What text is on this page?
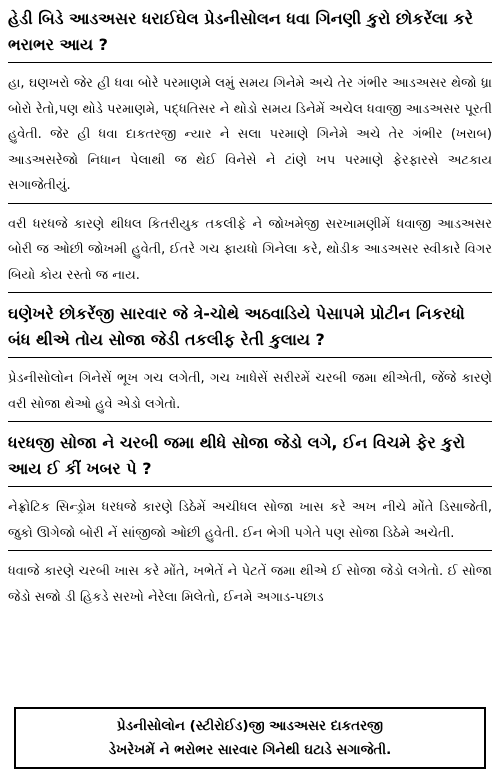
હેડી બિડે આડઅસર ધરાઈઘેલ પ્રેડનીસોલન ધવા ગિનણી કુરો છોકરેંલા કરે ભરાભર આય ?

હા, ઘણખરો જેર હી ધવા બોરે પરમાણમે લમું સમય ગિનેમે અચે તેર ગંભીર આડઅસર થેજો ધ્રા બોરો રેતો,પણ થોડે પરમાણમે, પદ્ધતિસર ને થોડો સમય ડિનેમેં અચેલ ધવાજી આડઅસર પૂરતી હુવેતી. જેર હી ધવા દાકતરજી ન્યાર ને સલા પરમાણે ગિનેમે અચે તેર ગંભીર (ખરાબ) આડઅસરેજો નિધાન પેલાથી જ થેઈ વિનેસે ને ટાંણે ખપ પરમાણે ફેરફારસે અટકાય સગાજેતીયું.

વરી ધરધજે કારણે થીધલ કિતરીયુક તકલીફે ને જોખમેજી સરખામણીમેં ધવાજી આડઅસર બોરી જ ઓછી જોખમી હુવેતી, ઈતરે ગચ ફાયધો ગિનેલા કરે, થોડીક આડઅસર સ્વીકારે વિગર બિયો કોય રસ્તો જ નાય.

ઘણેખરે છોકરેંજી સારવાર જે ત્રે-ચોથે અઠવાડિયે પેસાપમે પ્રોટીન નિકરધો બંધ થીએ તોય સોજા જેડી તકલીફ રેતી કુલાય ?

પ્રેડનીસોલોન ગિનેસેં ભૂખ ગચ લગેતી, ગચ ખાધેસેં સરીરમેં ચરબી જમા થીએતી, જેંજે કારણે વરી સોજા થેઓ હુવે એડો લગેતો.

ધરધજી સોજા ને ચરબી જમા થીધે સોજા જેડો લગે, ઈન વિચમે ફેર કુરો આય ઈ કીં ખબર પે ?

નેફ્રોટિક સિન્ડ્રોમ ધરધજે કારણે ડિઠેમેં અચીધલ સોજા ખાસ કરે અખ નીચે મોંતે ડિસાજેતી, જુકો ઊગેજો બોરી નેં સાંજીજો ઓછી હુવેતી. ઈન ભેગી પગેતે પણ સોજા ડિઠેમે અચેતી.

ધવાજે કારણે ચરબી ખાસ કરે મોંતે, ખભેતેં ને પેટતેં જમા થીએ ઈ સોજા જેડો લગેતો. ઈ સોજા જેડો સજો ડી હિકડે સરખો નેરેલા મિલેતો, ઈનમે અગાડ-પછાડ

પ્રેડનીસોલોન (સ્ટીરોઈડ)જી આડઅસર દાકતરજી
ડેખરેખમેં ને ભરોભર સારવાર ગિનેથી ઘટાડે સગાજેતી.
